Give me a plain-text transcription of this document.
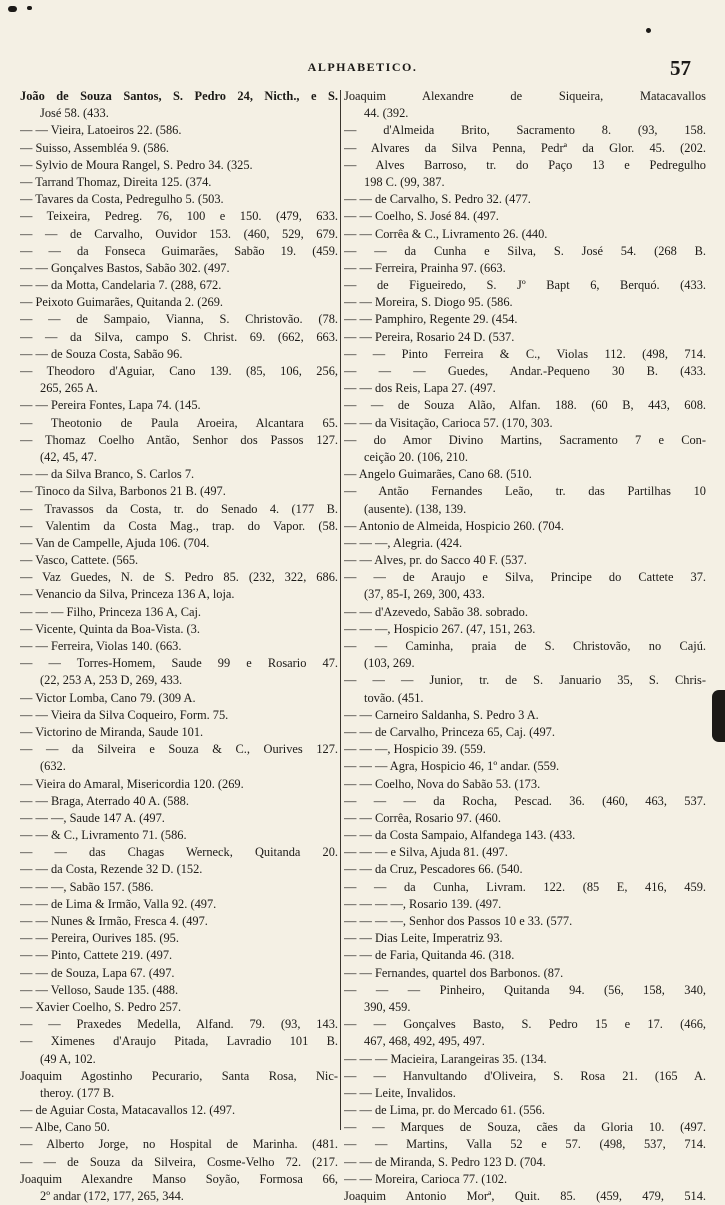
ALPHABETICO.	57
João de Souza Santos, S. Pedro 24, Nicth., e S.
José 58. (433.
— — Vieira, Latoeiros 22. (586.
— Suisso, Assembléa 9. (586.
— Sylvio de Moura Rangel, S. Pedro 34. (325.
— Tarrand Thomaz, Direita 125. (374.
— Tavares da Costa, Pedregulho 5. (503.
— Teixeira, Pedreg. 76, 100 e 150. (479, 633.
— — de Carvalho, Ouvidor 153. (460, 529, 679.
— — da Fonseca Guimarães, Sabão 19. (459.
— — Gonçalves Bastos, Sabão 302. (497.
— — da Motta, Candelaria 7. (288, 672.
— Peixoto Guimarães, Quitanda 2. (269.
— — de Sampaio, Vianna, S. Christovão. (78.
— — da Silva, campo S. Christ. 69. (662, 663.
— — de Souza Costa, Sabão 96.
— Theodoro d'Aguiar, Cano 139. (85, 106, 256,
265, 265 A.
— — Pereira Fontes, Lapa 74. (145.
— Theotonio de Paula Aroeira, Alcantara 65.
— Thomaz Coelho Antão, Senhor dos Passos 127.
(42, 45, 47.
— — da Silva Branco, S. Carlos 7.
— Tinoco da Silva, Barbonos 21 B. (497.
— Travassos da Costa, tr. do Senado 4. (177 B.
— Valentim da Costa Mag., trap. do Vapor. (58.
— Van de Campelle, Ajuda 106. (704.
— Vasco, Cattete. (565.
— Vaz Guedes, N. de S. Pedro 85. (232, 322, 686.
— Venancio da Silva, Princeza 136 A, loja.
— — — Filho, Princeza 136 A, Caj.
— Vicente, Quinta da Boa-Vista. (3.
— — Ferreira, Violas 140. (663.
— — Torres-Homem, Saude 99 e Rosario 47.
(22, 253 A, 253 D, 269, 433.
— Victor Lomba, Cano 79. (309 A.
— — Vieira da Silva Coqueiro, Form. 75.
— Victorino de Miranda, Saude 101.
— — da Silveira e Souza & C., Ourives 127.
(632.
— Vieira do Amaral, Misericordia 120. (269.
— — Braga, Aterrado 40 A. (588.
— — —, Saude 147 A. (497.
— — & C., Livramento 71. (586.
— — das Chagas Werneck, Quitanda 20.
— — da Costa, Rezende 32 D. (152.
— — —, Sabão 157. (586.
— — de Lima & Irmão, Valla 92. (497.
— — Nunes & Irmão, Fresca 4. (497.
— — Pereira, Ourives 185. (95.
— — Pinto, Cattete 219. (497.
— — de Souza, Lapa 67. (497.
— — Velloso, Saude 135. (488.
— Xavier Coelho, S. Pedro 257.
— — Praxedes Medella, Alfand. 79. (93, 143.
— Ximenes d'Araujo Pitada, Lavradio 101 B.
(49 A, 102.
Joaquim Agostinho Pecurario, Santa Rosa, Nic-
theroy. (177 B.
— de Aguiar Costa, Matacavallos 12. (497.
— Albe, Cano 50.
— Alberto Jorge, no Hospital de Marinha. (481.
— — de Souza da Silveira, Cosme-Velho 72. (217.
Joaquim Alexandre Manso Soyão, Formosa 66,
2º andar (172, 177, 265, 344.
Joaquim Alexandre de Siqueira, Matacavallos
44. (392.
— d'Almeida Brito, Sacramento 8. (93, 158.
— Alvares da Silva Penna, Pedrª da Glor. 45. (202.
— Alves Barroso, tr. do Paço 13 e Pedregulho
198 C. (99, 387.
— — de Carvalho, S. Pedro 32. (477.
— — Coelho, S. José 84. (497.
— — Corrêa & C., Livramento 26. (440.
— — da Cunha e Silva, S. José 54. (268 B.
— — Ferreira, Prainha 97. (663.
— de Figueiredo, S. Jº Bapt 6, Berquó. (433.
— — Moreira, S. Diogo 95. (586.
— — Pamphiro, Regente 29. (454.
— — Pereira, Rosario 24 D. (537.
— — Pinto Ferreira & C., Violas 112. (498, 714.
— — — Guedes, Andar.-Pequeno 30 B. (433.
— — dos Reis, Lapa 27. (497.
— — de Souza Alão, Alfan. 188. (60 B, 443, 608.
— — da Visitação, Carioca 57. (170, 303.
— do Amor Divino Martins, Sacramento 7 e Con-
ceição 20. (106, 210.
— Angelo Guimarães, Cano 68. (510.
— Antão Fernandes Leão, tr. das Partilhas 10
(ausente). (138, 139.
— Antonio de Almeida, Hospicio 260. (704.
— — —, Alegria. (424.
— — Alves, pr. do Sacco 40 F. (537.
— — de Araujo e Silva, Principe do Cattete 37.
(37, 85-I, 269, 300, 433.
— — d'Azevedo, Sabão 38. sobrado.
— — —, Hospicio 267. (47, 151, 263.
— — Caminha, praia de S. Christovão, no Cajú.
(103, 269.
— — — Junior, tr. de S. Januario 35, S. Chris-
tovão. (451.
— — Carneiro Saldanha, S. Pedro 3 A.
— — de Carvalho, Princeza 65, Caj. (497.
— — —, Hospicio 39. (559.
— — — Agra, Hospicio 46, 1º andar. (559.
— — Coelho, Nova do Sabão 53. (173.
— — — da Rocha, Pescad. 36. (460, 463, 537.
— — Corrêa, Rosario 97. (460.
— — da Costa Sampaio, Alfandega 143. (433.
— — — e Silva, Ajuda 81. (497.
— — da Cruz, Pescadores 66. (540.
— — da Cunha, Livram. 122. (85 E, 416, 459.
— — — —, Rosario 139. (497.
— — — —, Senhor dos Passos 10 e 33. (577.
— — Dias Leite, Imperatriz 93.
— — de Faria, Quitanda 46. (318.
— — Fernandes, quartel dos Barbonos. (87.
— — — Pinheiro, Quitanda 94. (56, 158, 340,
390, 459.
— — Gonçalves Basto, S. Pedro 15 e 17. (466,
467, 468, 492, 495, 497.
— — — Macieira, Larangeiras 35. (134.
— — Hanvultando d'Oliveira, S. Rosa 21. (165 A.
— — Leite, Invalidos.
— — de Lima, pr. do Mercado 61. (556.
— — Marques de Souza, cães da Gloria 10. (497.
— — Martins, Valla 52 e 57. (498, 537, 714.
— — de Miranda, S. Pedro 123 D. (704.
— — Moreira, Carioca 77. (102.
Joaquim Antonio Morª, Quit. 85. (459, 479, 514.
